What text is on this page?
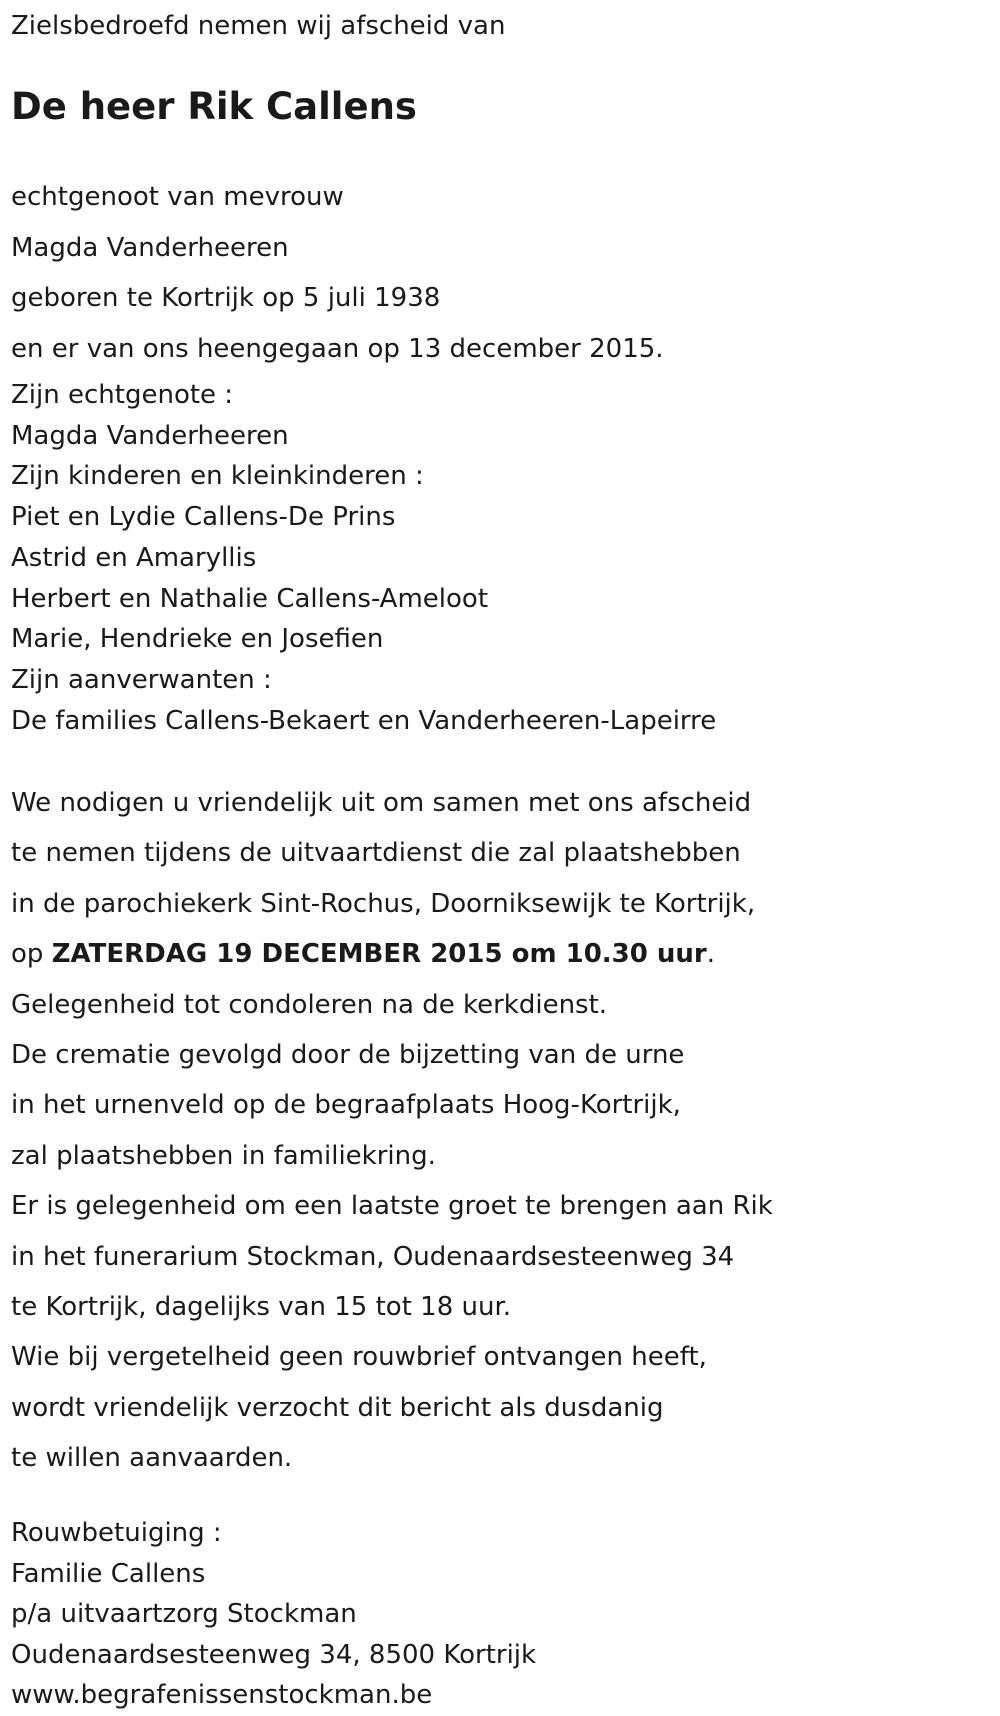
Zielsbedroefd nemen wij afscheid van
De heer Rik Callens
echtgenoot van mevrouw
Magda Vanderheeren
geboren te Kortrijk op 5 juli 1938
en er van ons heengegaan op 13 december 2015.
Zijn echtgenote :
Magda Vanderheeren
Zijn kinderen en kleinkinderen :
Piet en Lydie Callens-De Prins
Astrid en Amaryllis
Herbert en Nathalie Callens-Ameloot
Marie, Hendrieke en Josefien
Zijn aanverwanten :
De families Callens-Bekaert en Vanderheeren-Lapeirre
We nodigen u vriendelijk uit om samen met ons afscheid
te nemen tijdens de uitvaartdienst die zal plaatshebben
in de parochiekerk Sint-Rochus, Doorniksewijk te Kortrijk,
op ZATERDAG 19 DECEMBER 2015 om 10.30 uur.
Gelegenheid tot condoleren na de kerkdienst.
De crematie gevolgd door de bijzetting van de urne
in het urnenveld op de begraafplaats Hoog-Kortrijk,
zal plaatshebben in familiekring.
Er is gelegenheid om een laatste groet te brengen aan Rik
in het funerarium Stockman, Oudenaardsesteenweg 34
te Kortrijk, dagelijks van 15 tot 18 uur.
Wie bij vergetelheid geen rouwbrief ontvangen heeft,
wordt vriendelijk verzocht dit bericht als dusdanig
te willen aanvaarden.
Rouwbetuiging :
Familie Callens
p/a uitvaartzorg Stockman
Oudenaardsesteenweg 34, 8500 Kortrijk
www.begrafenissenstockman.be
